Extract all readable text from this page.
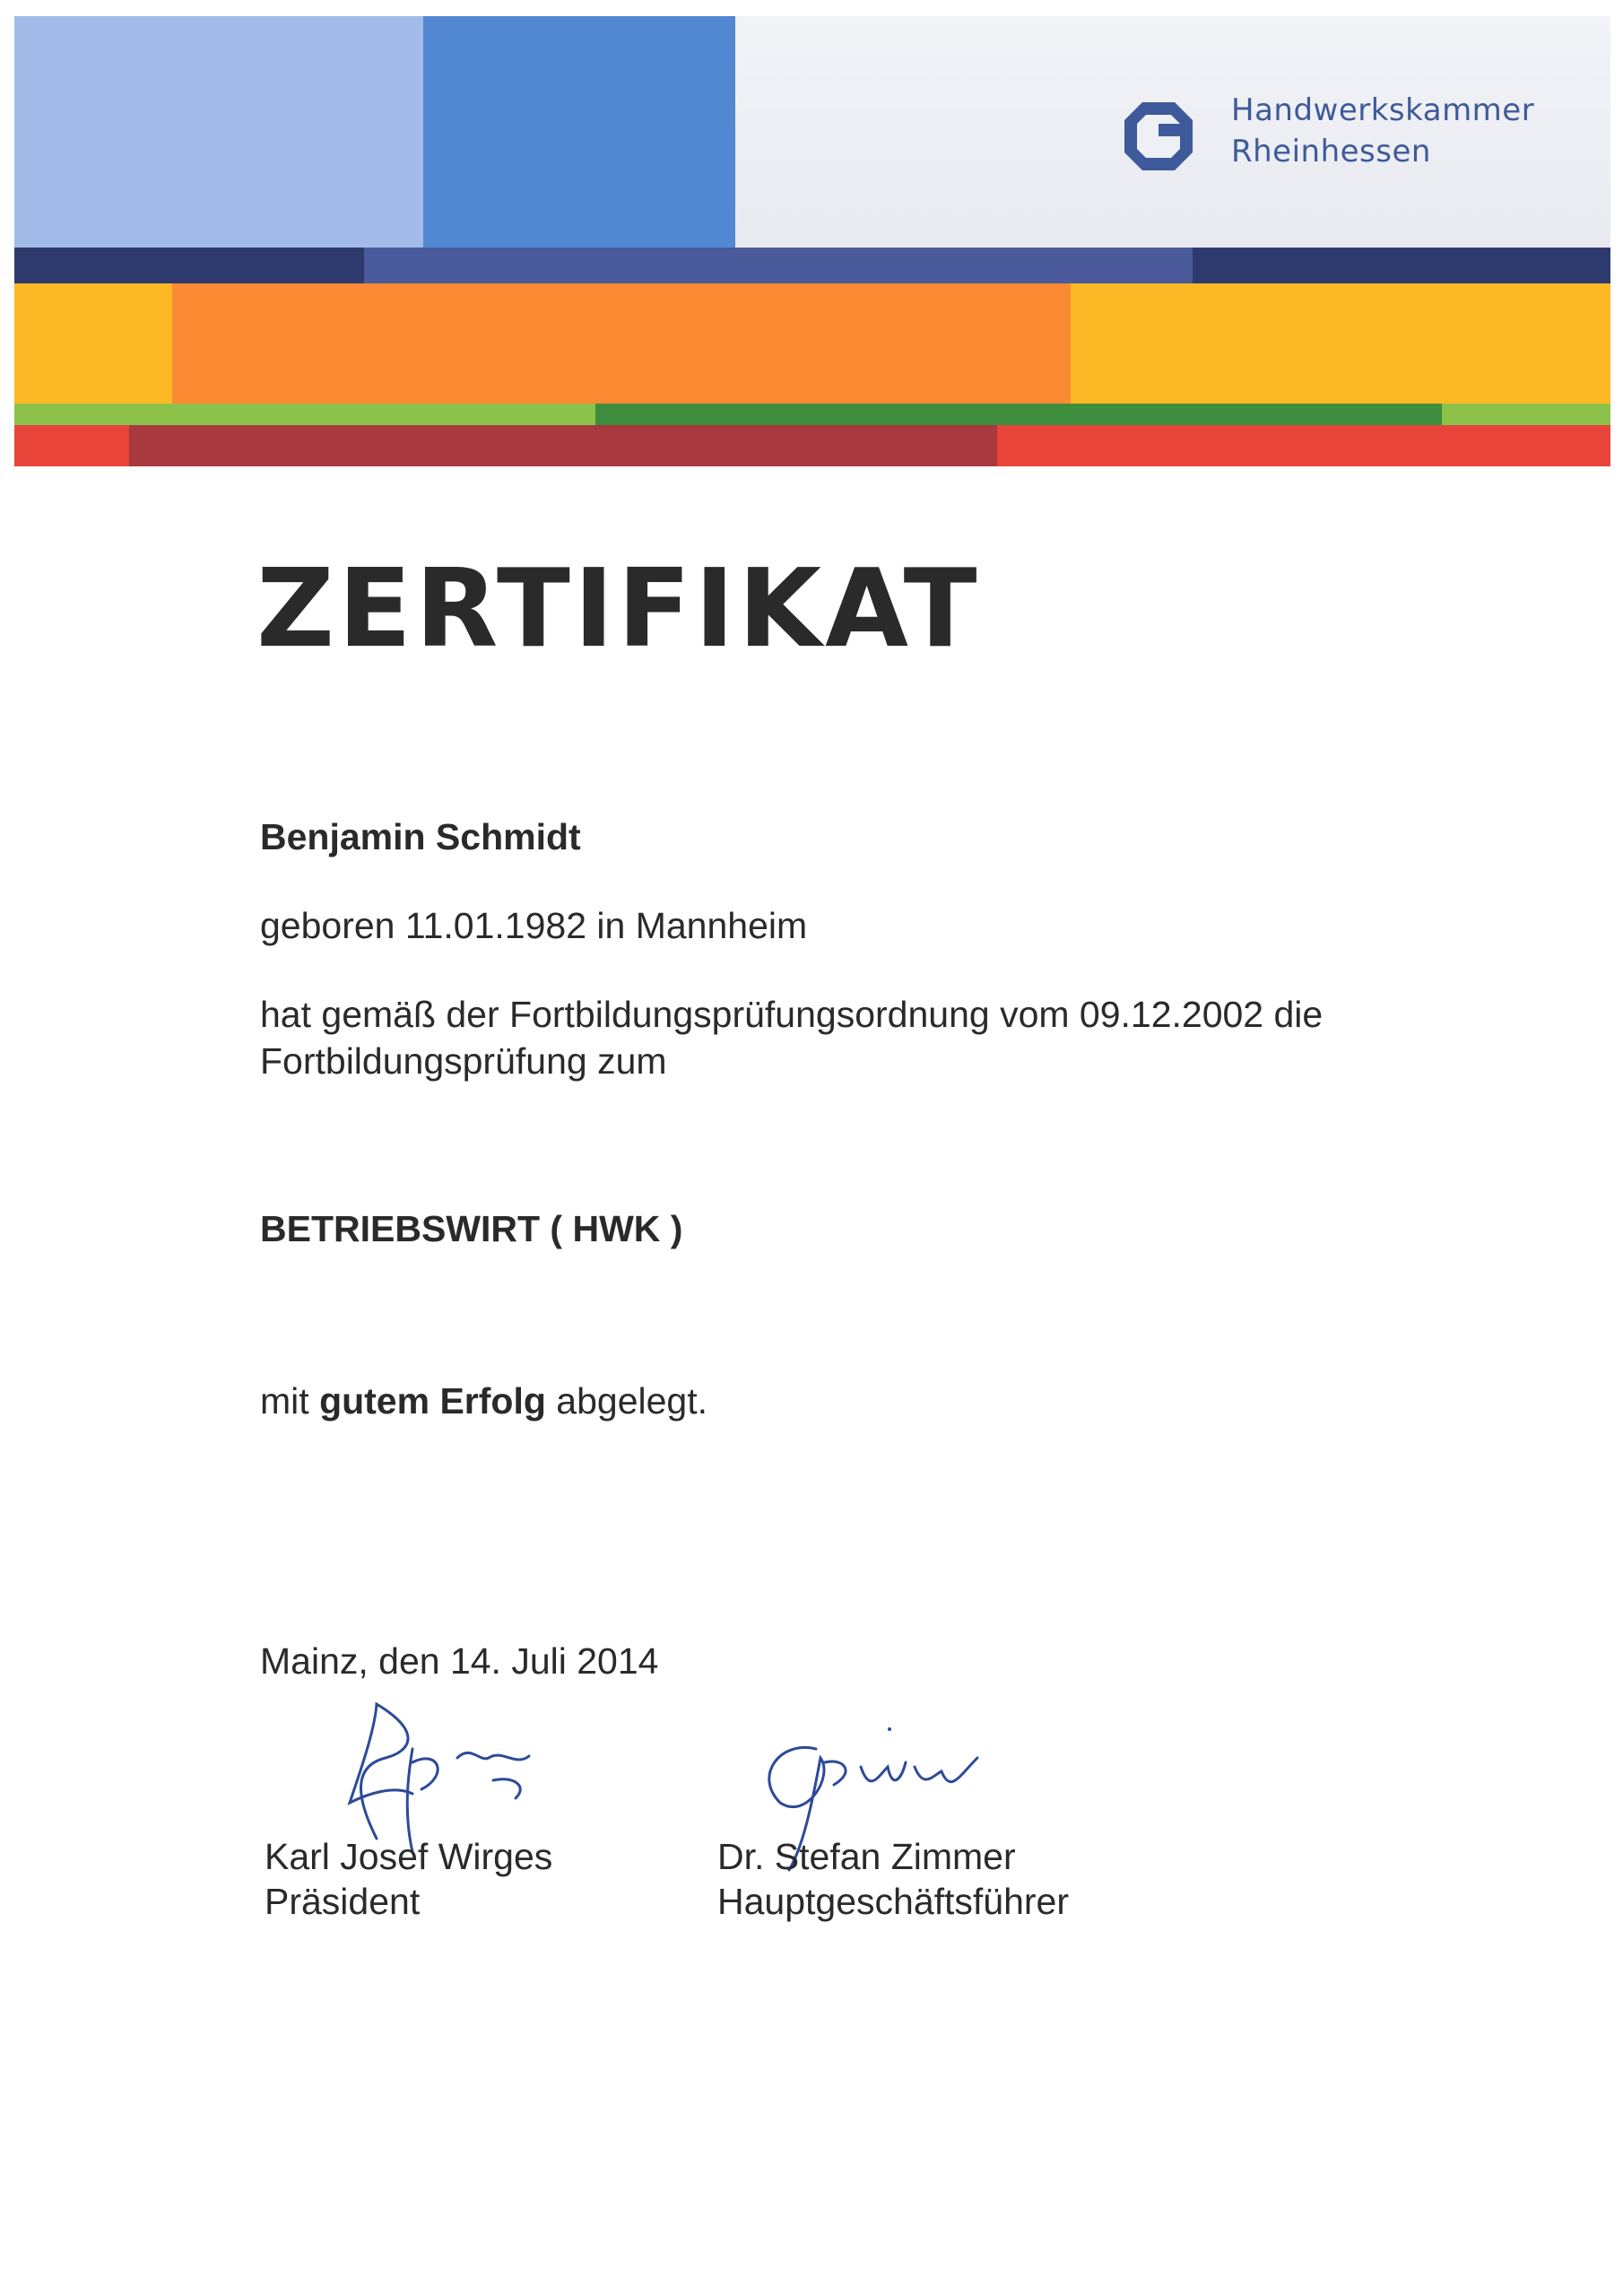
Handwerkskammer
Rheinhessen
ZERTIFIKAT
Benjamin Schmidt
geboren 11.01.1982 in Mannheim
hat gemäß der Fortbildungsprüfungsordnung vom 09.12.2002 die
Fortbildungsprüfung zum
BETRIEBSWIRT ( HWK )
mit gutem Erfolg abgelegt.
Mainz, den 14. Juli 2014
Karl Josef Wirges
Präsident
Dr. Stefan Zimmer
Hauptgeschäftsführer
